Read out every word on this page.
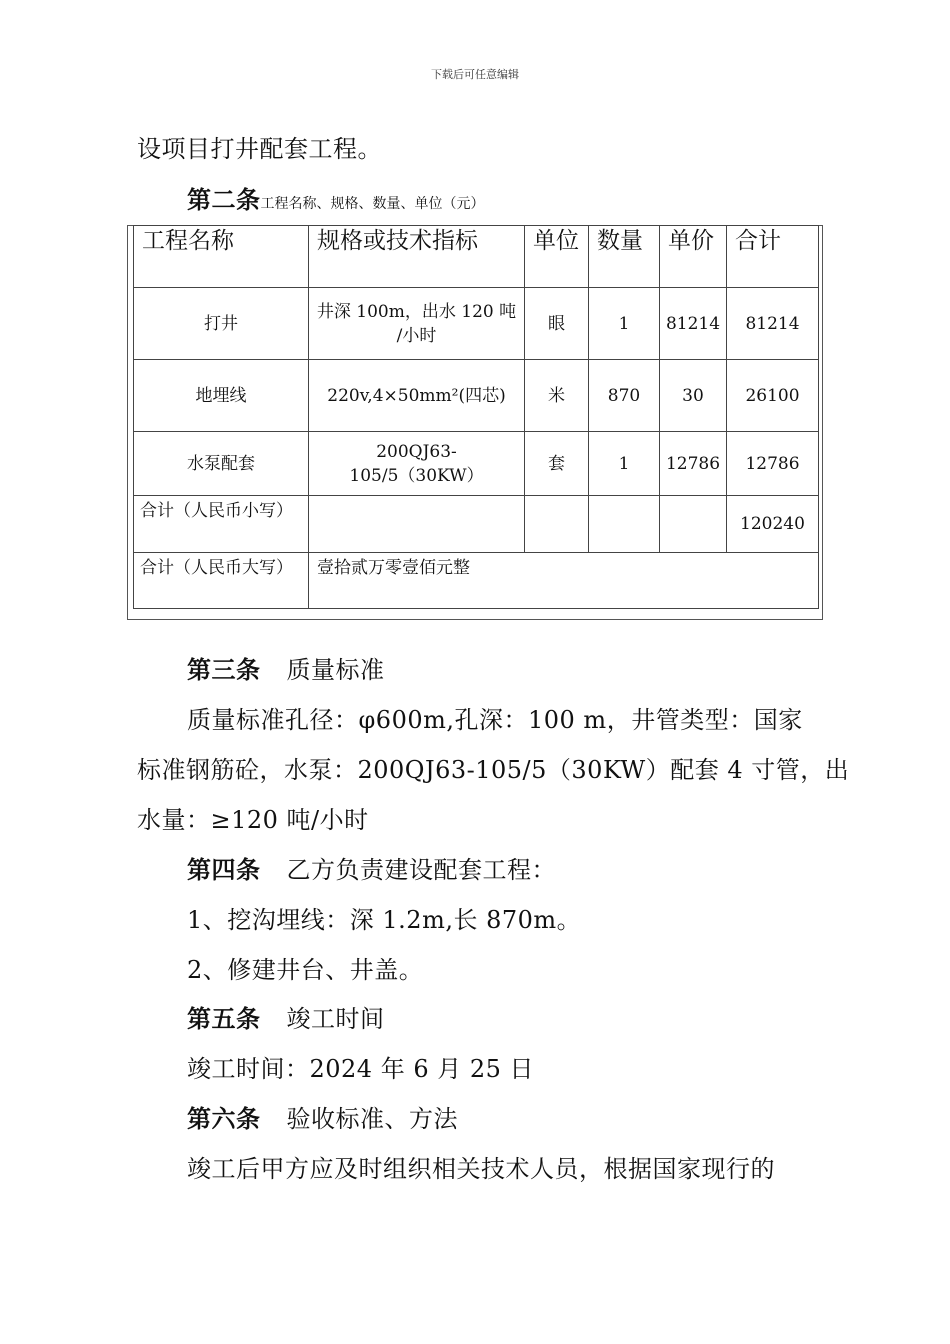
下载后可任意编辑
设项目打井配套工程。
第二条工程名称、规格、数量、单位（元）
工程名称	规格或技术指标	单位	数量	单价	合计
打井	井深 100m，出水 120 吨
/小时	眼	1	81214	81214
地埋线	220v,4×50mm²(四芯)	米	870	30	26100
水泵配套	200QJ63-
105/5（30KW）	套	1	12786	12786
合计（人民币小写）					120240
合计（人民币大写）	壹拾贰万零壹佰元整				
第三条 质量标准
质量标准孔径：φ600m,孔深：100 m，井管类型：国家
标准钢筋砼，水泵：200QJ63-105/5（30KW）配套 4 寸管，出
水量：≥120 吨/小时
第四条 乙方负责建设配套工程：
1、挖沟埋线：深 1.2m,长 870m。
2、修建井台、井盖。
第五条 竣工时间
竣工时间：2024 年 6 月 25 日
第六条 验收标准、方法
竣工后甲方应及时组织相关技术人员，根据国家现行的
